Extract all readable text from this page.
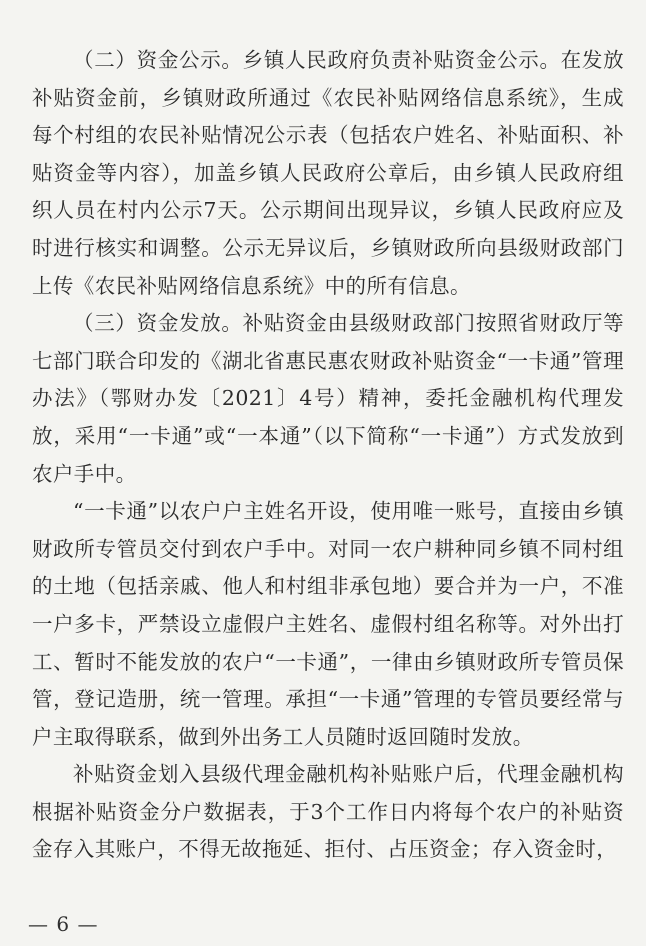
（二）资金公示。乡镇人民政府负责补贴资金公示。在发放补贴资金前，乡镇财政所通过《农民补贴网络信息系统》，生成每个村组的农民补贴情况公示表（包括农户姓名、补贴面积、补贴资金等内容），加盖乡镇人民政府公章后，由乡镇人民政府组织人员在村内公示7天。公示期间出现异议，乡镇人民政府应及时进行核实和调整。公示无异议后，乡镇财政所向县级财政部门上传《农民补贴网络信息系统》中的所有信息。

（三）资金发放。补贴资金由县级财政部门按照省财政厅等七部门联合印发的《湖北省惠民惠农财政补贴资金“一卡通”管理办法》（鄂财办发〔2021〕4号）精神，委托金融机构代理发放，采用“一卡通”或“一本通”（以下简称“一卡通”）方式发放到农户手中。

“一卡通”以农户户主姓名开设，使用唯一账号，直接由乡镇财政所专管员交付到农户手中。对同一农户耕种同乡镇不同村组的土地（包括亲戚、他人和村组非承包地）要合并为一户，不准一户多卡，严禁设立虚假户主姓名、虚假村组名称等。对外出打工、暂时不能发放的农户“一卡通”，一律由乡镇财政所专管员保管，登记造册，统一管理。承担“一卡通”管理的专管员要经常与户主取得联系，做到外出务工人员随时返回随时发放。

补贴资金划入县级代理金融机构补贴账户后，代理金融机构根据补贴资金分户数据表，于3个工作日内将每个农户的补贴资金存入其账户，不得无故拖延、拒付、占压资金；存入资金时，

— 6 —
